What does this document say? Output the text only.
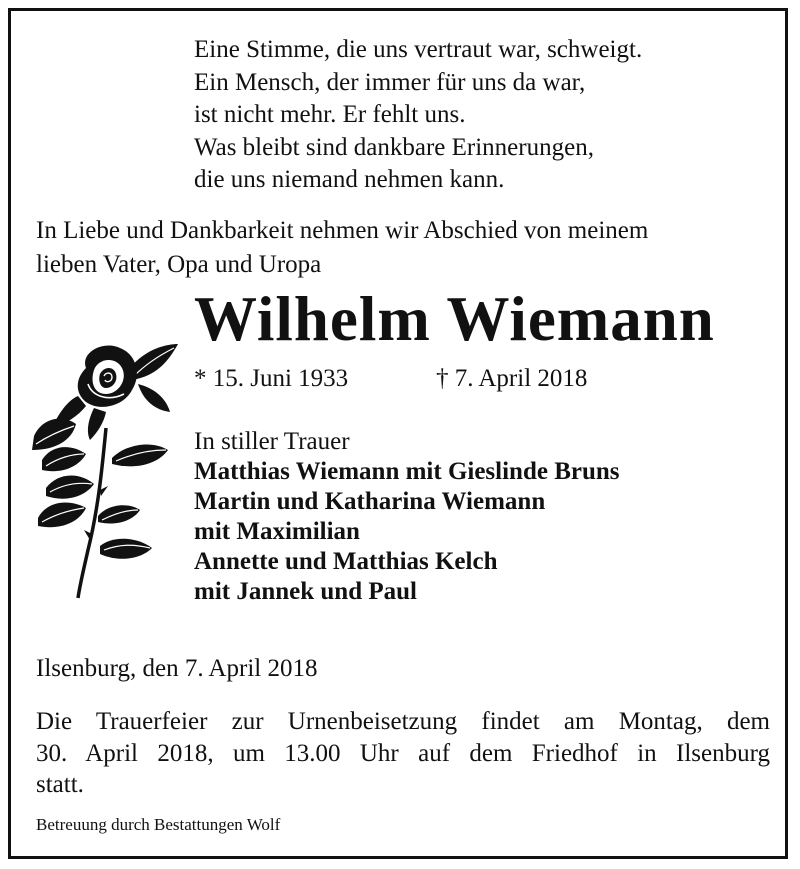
Eine Stimme, die uns vertraut war, schweigt.
Ein Mensch, der immer für uns da war,
ist nicht mehr. Er fehlt uns.
Was bleibt sind dankbare Erinnerungen,
die uns niemand nehmen kann.
In Liebe und Dankbarkeit nehmen wir Abschied von meinem
lieben Vater, Opa und Uropa
Wilhelm Wiemann
* 15. Juni 1933	† 7. April 2018
In stiller Trauer
Matthias Wiemann mit Gieslinde Bruns
Martin und Katharina Wiemann
mit Maximilian
Annette und Matthias Kelch
mit Jannek und Paul
Ilsenburg, den 7. April 2018
Die Trauerfeier zur Urnenbeisetzung findet am Montag, dem
30. April 2018, um 13.00 Uhr auf dem Friedhof in Ilsenburg
statt.
Betreuung durch Bestattungen Wolf
